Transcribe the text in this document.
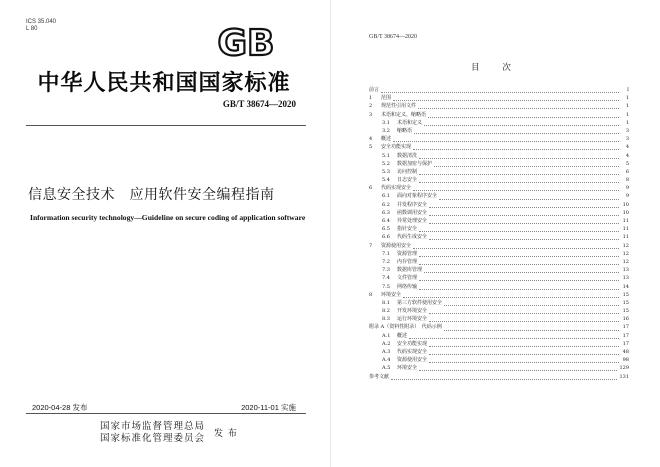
ICS 35.040
L 80	GB
中华人民共和国国家标准
GB/T 38674—2020
信息安全技术　应用软件安全编程指南
Information security technology—Guideline on secure coding of application software
2020-04-28 发布	2020-11-01 实施
国家市场监督管理总局
国家标准化管理委员会 发 布
GB/T 38674—2020
目 次
前言	I
1	范围	1
2	规范性引用文件	1
3	术语和定义、缩略语	1
3.1	术语和定义	1
3.2	缩略语	3
4	概述	3
5	安全功能实现	4
5.1	数据清洗	4
5.2	数据加密与保护	5
5.3	访问控制	6
5.4	日志安全	8
6	代码实现安全	9
6.1	面向对象程序安全	9
6.2	并发程序安全	10
6.3	函数调用安全	10
6.4	异常处理安全	11
6.5	指针安全	11
6.6	代码生成安全	11
7	资源使用安全	12
7.1	资源管理	12
7.2	内存管理	12
7.3	数据库管理	13
7.4	文件管理	13
7.5	网络传输	14
8	环境安全	15
8.1	第三方软件使用安全	15
8.2	开发环境安全	15
8.3	运行环境安全	16
附录 A（资料性附录）　代码示例	17
A.1	概述	17
A.2	安全功能实现	17
A.3	代码实现安全	48
A.4	资源使用安全	98
A.5	环境安全	129
参考文献	131
